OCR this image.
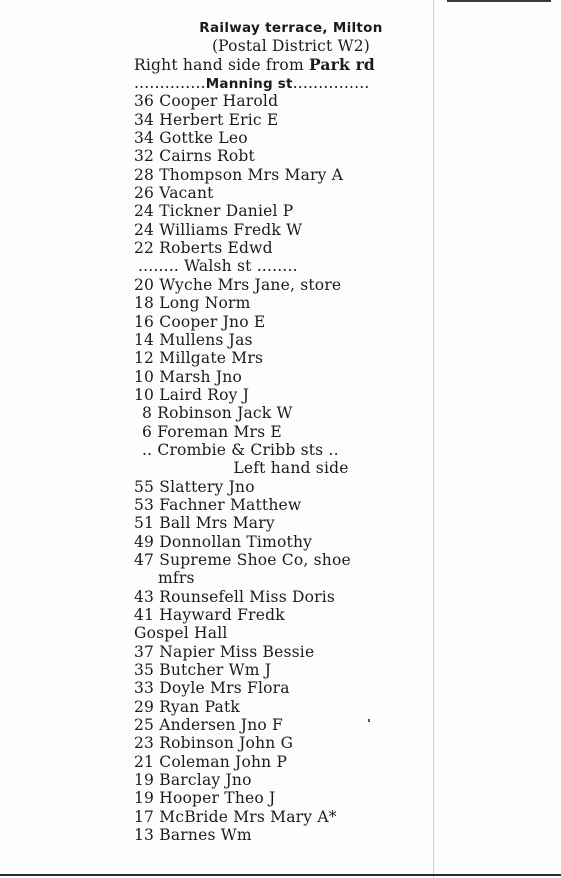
Railway terrace, Milton
(Postal District W2)
Right hand side from Park rd
..............Manning st...............
36 Cooper Harold
34 Herbert Eric E
34 Gottke Leo
32 Cairns Robt
28 Thompson Mrs Mary A
26 Vacant
24 Tickner Daniel P
24 Williams Fredk W
22 Roberts Edwd
........ Walsh st ........
20 Wyche Mrs Jane, store
18 Long Norm
16 Cooper Jno E
14 Mullens Jas
12 Millgate Mrs
10 Marsh Jno
10 Laird Roy J
8 Robinson Jack W
6 Foreman Mrs E
.. Crombie & Cribb sts ..
Left hand side
55 Slattery Jno
53 Fachner Matthew
51 Ball Mrs Mary
49 Donnollan Timothy
47 Supreme Shoe Co, shoe
mfrs
43 Rounsefell Miss Doris
41 Hayward Fredk
Gospel Hall
37 Napier Miss Bessie
35 Butcher Wm J
33 Doyle Mrs Flora
29 Ryan Patk
25 Andersen Jno F
23 Robinson John G
21 Coleman John P
19 Barclay Jno
19 Hooper Theo J
17 McBride Mrs Mary A*
13 Barnes Wm
